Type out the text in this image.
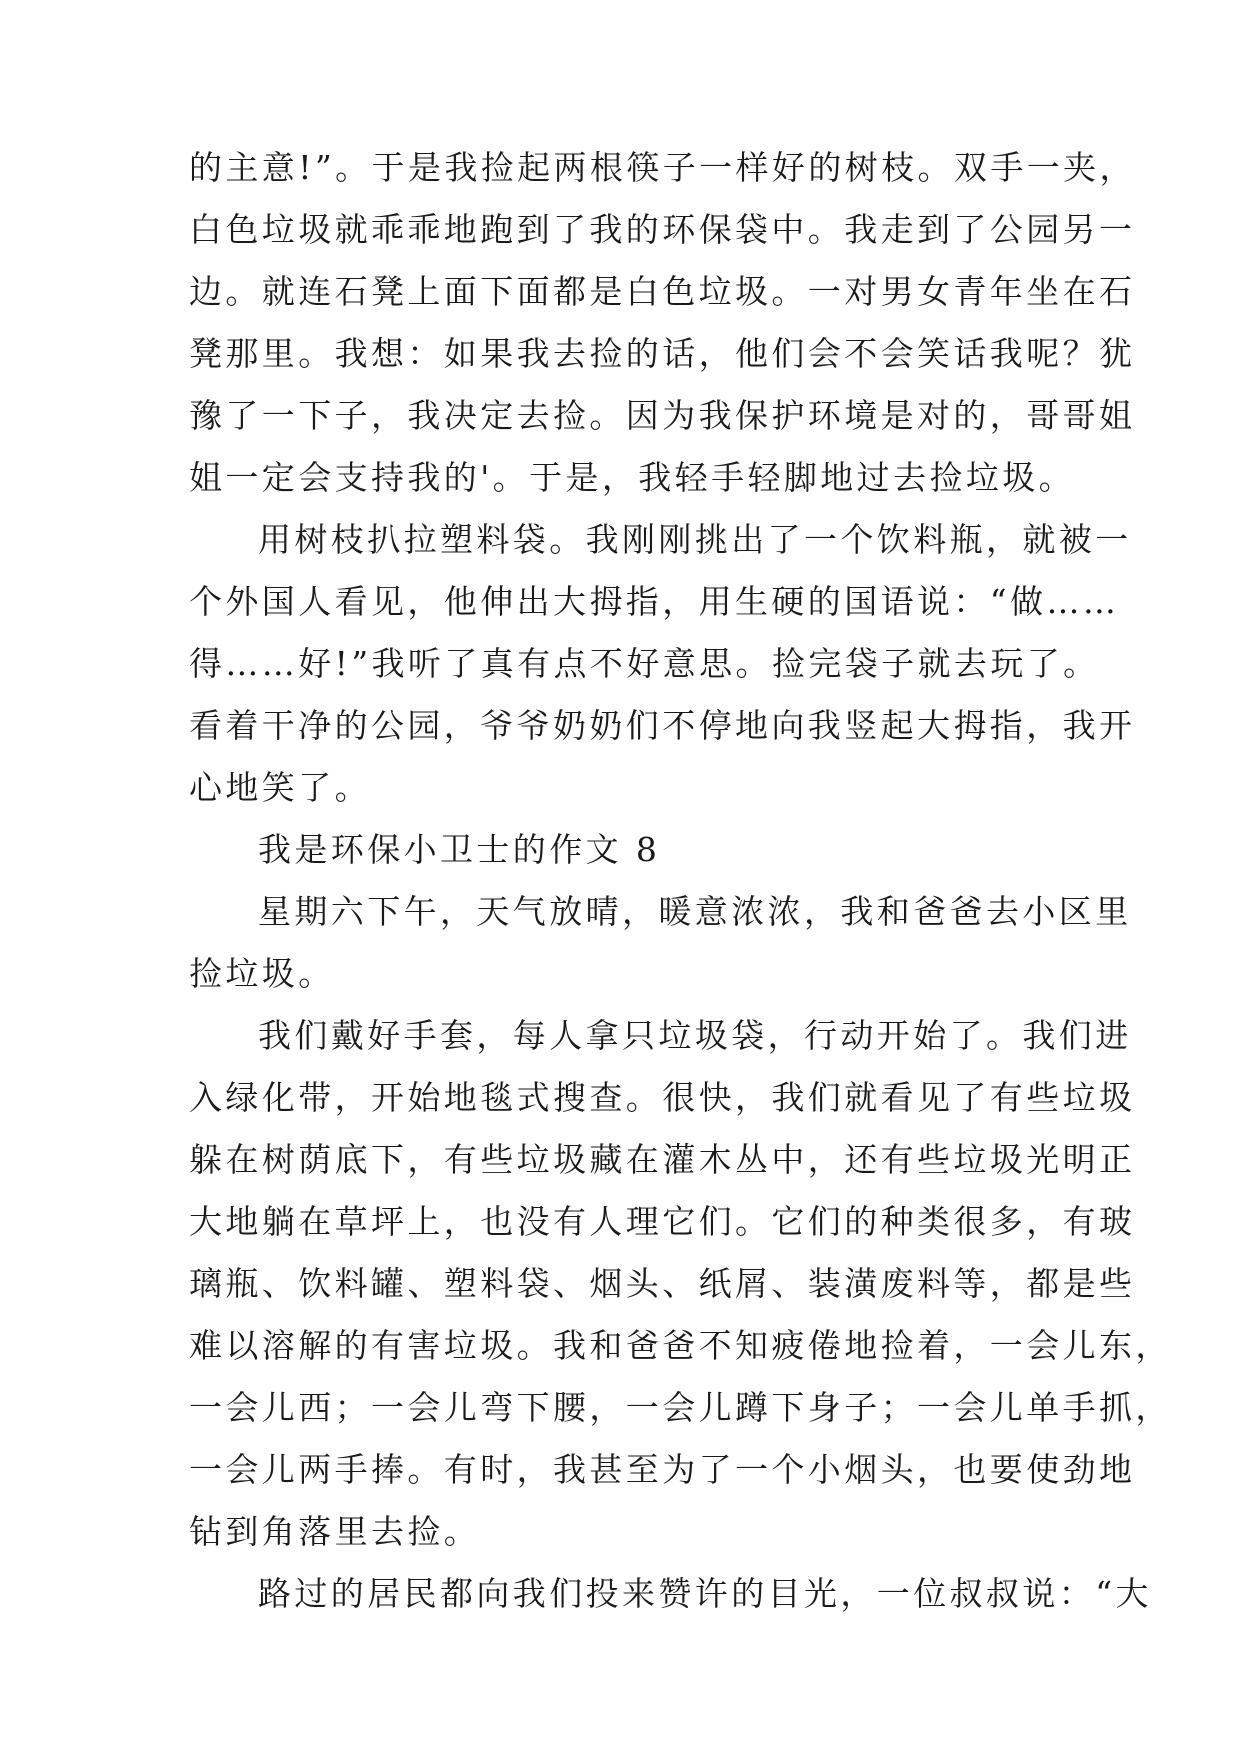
的主意!”。于是我捡起两根筷子一样好的树枝。双手一夹，
白色垃圾就乖乖地跑到了我的环保袋中。我走到了公园另一
边。就连石凳上面下面都是白色垃圾。一对男女青年坐在石
凳那里。我想：如果我去捡的话，他们会不会笑话我呢？犹
豫了一下子，我决定去捡。因为我保护环境是对的，哥哥姐
姐一定会支持我的'。于是，我轻手轻脚地过去捡垃圾。
用树枝扒拉塑料袋。我刚刚挑出了一个饮料瓶，就被一
个外国人看见，他伸出大拇指，用生硬的国语说：“做……
得……好!”我听了真有点不好意思。捡完袋子就去玩了。
看着干净的公园，爷爷奶奶们不停地向我竖起大拇指，我开
心地笑了。
我是环保小卫士的作文 8
星期六下午，天气放晴，暖意浓浓，我和爸爸去小区里
捡垃圾。
我们戴好手套，每人拿只垃圾袋，行动开始了。我们进
入绿化带，开始地毯式搜查。很快，我们就看见了有些垃圾
躲在树荫底下，有些垃圾藏在灌木丛中，还有些垃圾光明正
大地躺在草坪上，也没有人理它们。它们的种类很多，有玻
璃瓶、饮料罐、塑料袋、烟头、纸屑、装潢废料等，都是些
难以溶解的有害垃圾。我和爸爸不知疲倦地捡着，一会儿东，
一会儿西；一会儿弯下腰，一会儿蹲下身子；一会儿单手抓，
一会儿两手捧。有时，我甚至为了一个小烟头，也要使劲地
钻到角落里去捡。
路过的居民都向我们投来赞许的目光，一位叔叔说：“大
